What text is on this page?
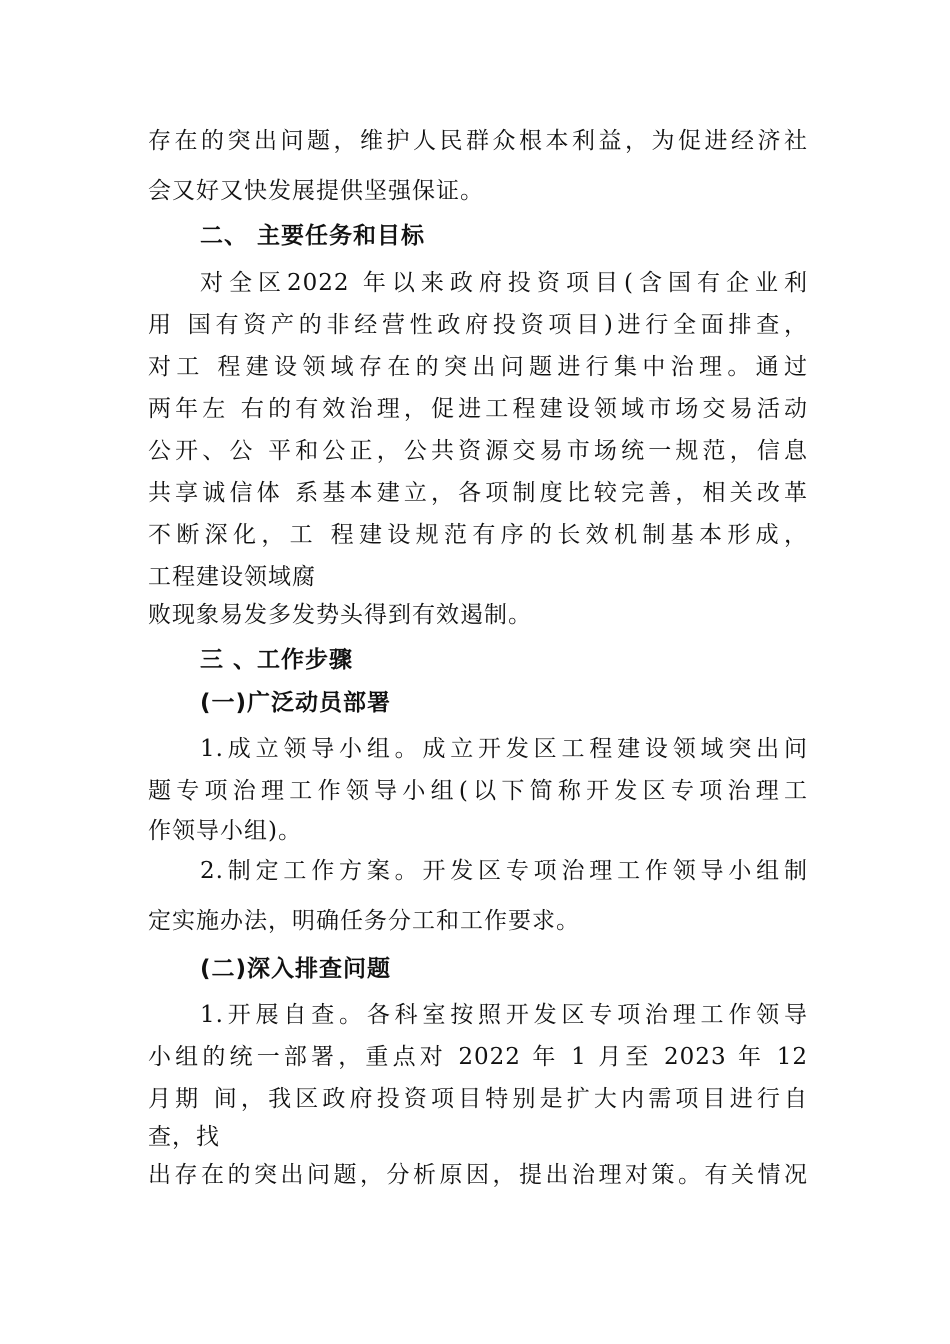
存在的突出问题，维护人民群众根本利益，为促进经济社
会又好又快发展提供坚强保证。
二、 主要任务和目标
对全区2022 年以来政府投资项目(含国有企业利
用 国有资产的非经营性政府投资项目)进行全面排查，
对工 程建设领域存在的突出问题进行集中治理。通过
两年左 右的有效治理，促进工程建设领域市场交易活动
公开、公 平和公正，公共资源交易市场统一规范，信息
共享诚信体 系基本建立，各项制度比较完善，相关改革
不断深化，工 程建设规范有序的长效机制基本形成，
工程建设领域腐
败现象易发多发势头得到有效遏制。
三 、工作步骤
(一)广泛动员部署
1.成立领导小组。成立开发区工程建设领域突出问
题专项治理工作领导小组(以下简称开发区专项治理工
作领导小组)。
2.制定工作方案。开发区专项治理工作领导小组制
定实施办法，明确任务分工和工作要求。
(二)深入排查问题
1.开展自查。各科室按照开发区专项治理工作领导
小组的统一部署，重点对 2022 年 1 月至 2023 年 12
月期 间，我区政府投资项目特别是扩大内需项目进行自
查，找
出存在的突出问题，分析原因，提出治理对策。有关情况
